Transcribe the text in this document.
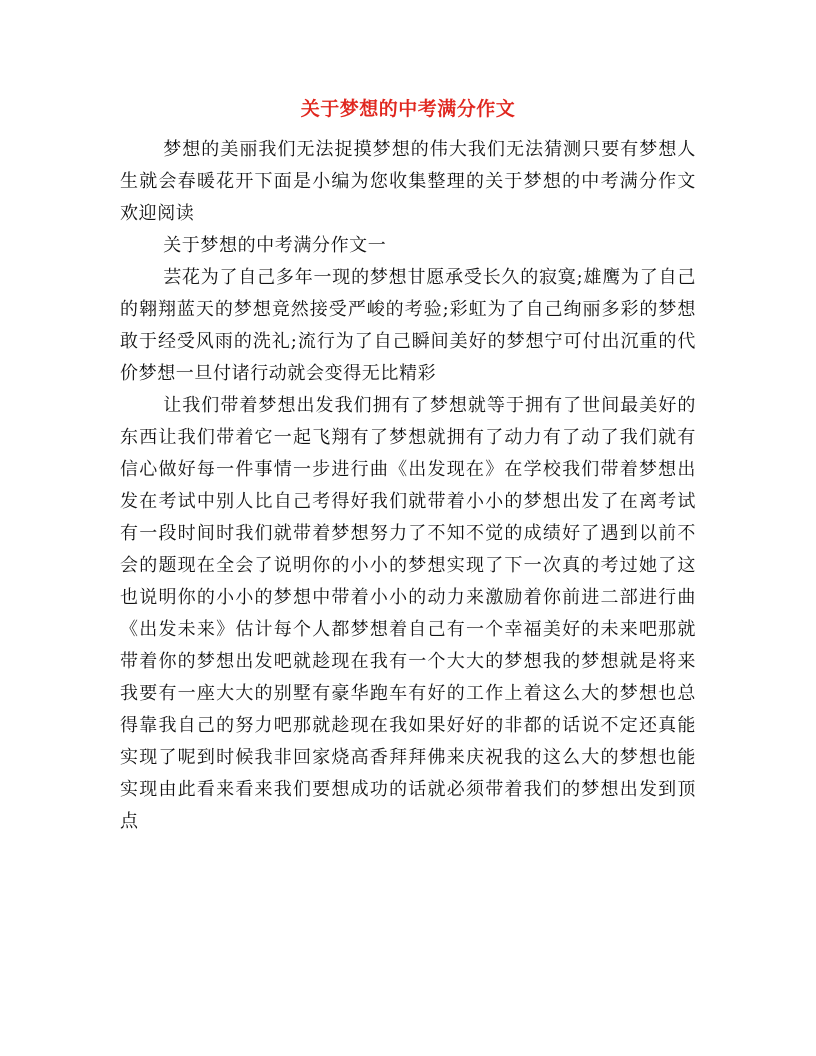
关于梦想的中考满分作文

梦想的美丽我们无法捉摸梦想的伟大我们无法猜测只要有梦想人生就会春暖花开下面是小编为您收集整理的关于梦想的中考满分作文欢迎阅读

关于梦想的中考满分作文一

芸花为了自己多年一现的梦想甘愿承受长久的寂寞;雄鹰为了自己的翱翔蓝天的梦想竟然接受严峻的考验;彩虹为了自己绚丽多彩的梦想敢于经受风雨的洗礼;流行为了自己瞬间美好的梦想宁可付出沉重的代价梦想一旦付诸行动就会变得无比精彩

让我们带着梦想出发我们拥有了梦想就等于拥有了世间最美好的东西让我们带着它一起飞翔有了梦想就拥有了动力有了动了我们就有信心做好每一件事情一步进行曲《出发现在》在学校我们带着梦想出发在考试中别人比自己考得好我们就带着小小的梦想出发了在离考试有一段时间时我们就带着梦想努力了不知不觉的成绩好了遇到以前不会的题现在全会了说明你的小小的梦想实现了下一次真的考过她了这也说明你的小小的梦想中带着小小的动力来激励着你前进二部进行曲《出发未来》估计每个人都梦想着自己有一个幸福美好的未来吧那就带着你的梦想出发吧就趁现在我有一个大大的梦想我的梦想就是将来我要有一座大大的别墅有豪华跑车有好的工作上着这么大的梦想也总得靠我自己的努力吧那就趁现在我如果好好的非都的话说不定还真能实现了呢到时候我非回家烧高香拜拜佛来庆祝我的这么大的梦想也能实现由此看来看来我们要想成功的话就必须带着我们的梦想出发到顶点
